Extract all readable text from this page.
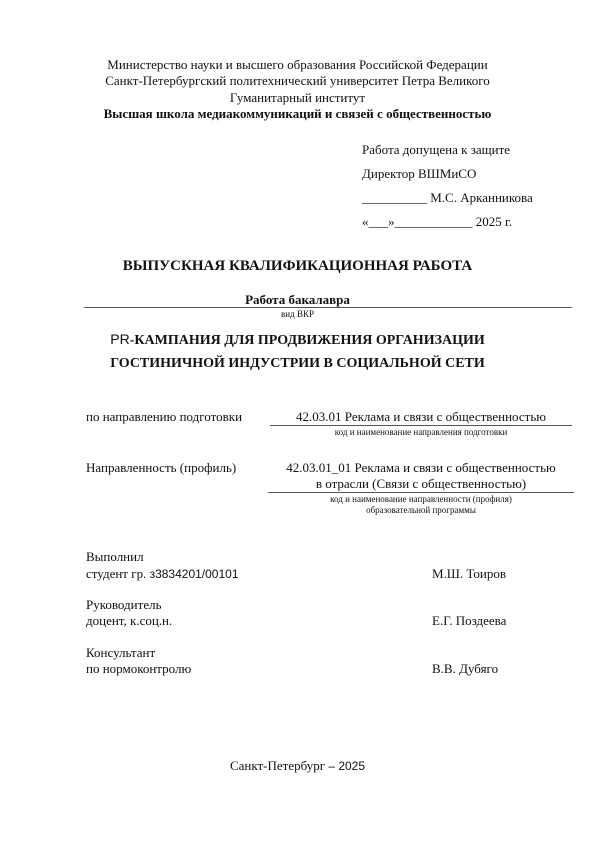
Министерство науки и высшего образования Российской Федерации
Санкт-Петербургский политехнический университет Петра Великого
Гуманитарный институт
Высшая школа медиакоммуникаций и связей с общественностью
Работа допущена к защите
Директор ВШМиСО
__________ М.С. Арканникова
«___»____________ 2025 г.
ВЫПУСКНАЯ КВАЛИФИКАЦИОННАЯ РАБОТА
Работа бакалавра
вид ВКР
PR-КАМПАНИЯ ДЛЯ ПРОДВИЖЕНИЯ ОРГАНИЗАЦИИ
ГОСТИНИЧНОЙ ИНДУСТРИИ В СОЦИАЛЬНОЙ СЕТИ
по направлению подготовки	42.03.01 Реклама и связи с общественностью
код и наименование направления подготовки
Направленность (профиль)	42.03.01_01 Реклама и связи с общественностью
в отрасли (Связи с общественностью)
код и наименование направленности (профиля)
образовательной программы
Выполнил
студент гр. з3834201/00101	М.Ш. Тоиров
Руководитель
доцент, к.соц.н.	Е.Г. Поздеева
Консультант
по нормоконтролю	В.В. Дубяго
Санкт-Петербург – 2025
